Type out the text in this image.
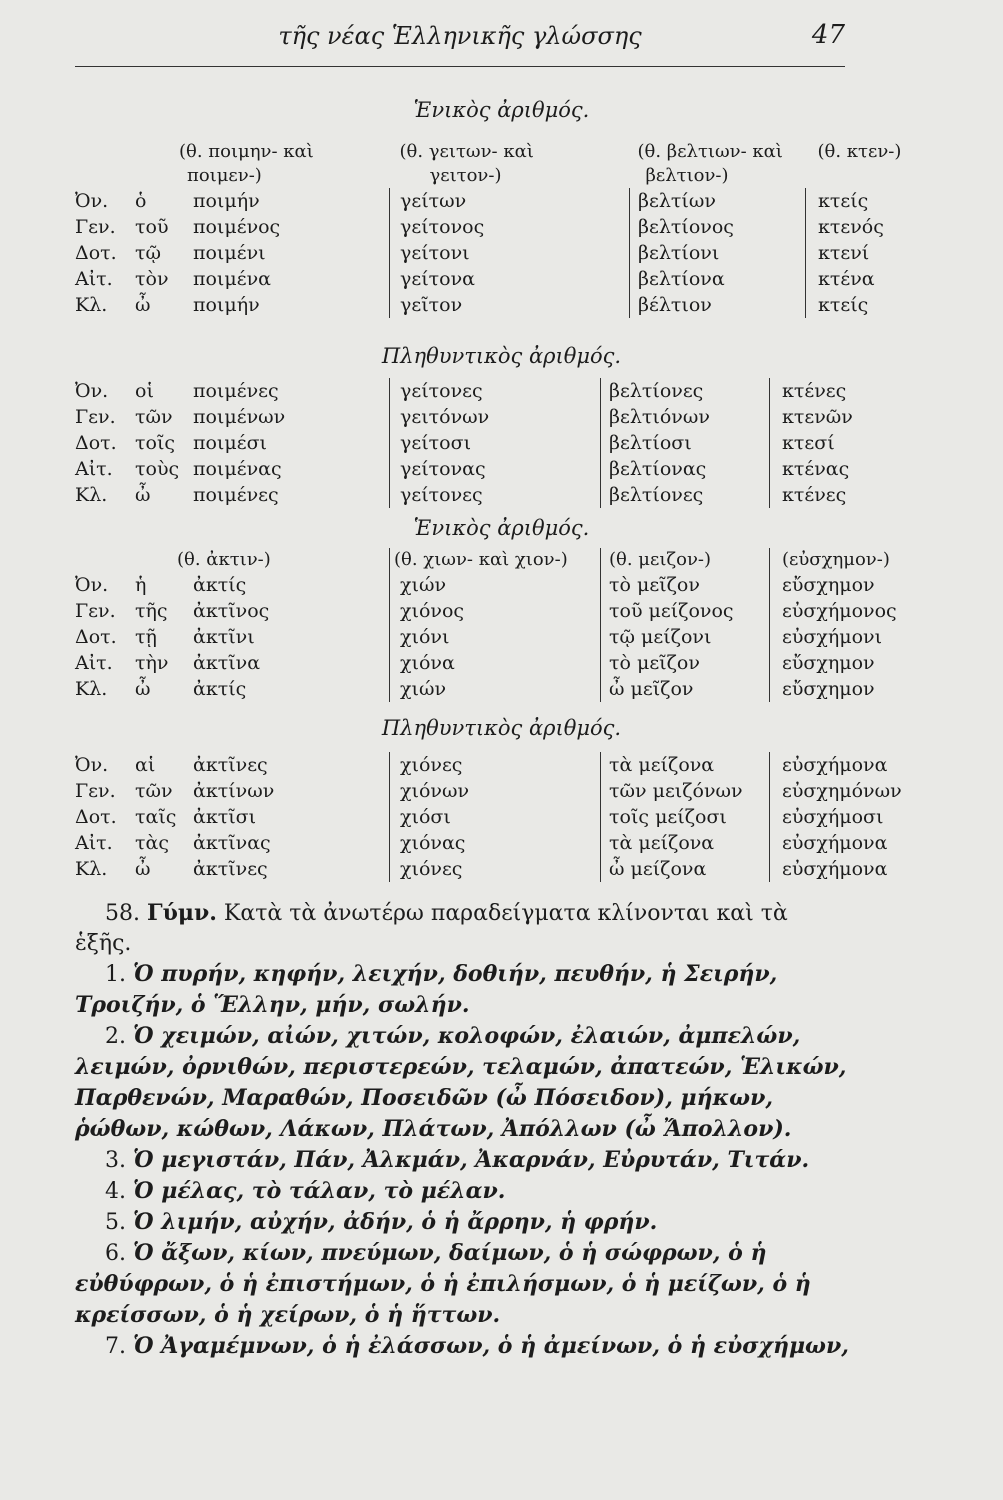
τῆς νέας Ἑλληνικῆς γλώσσης	47
Ἑνικὸς ἀριθμός.
	(θ. ποιμην- καὶ		(θ. γειτων- καὶ	(θ. βελτιων- καὶ	(θ. κτεν-)
	ποιμεν-)		γειτον-)	βελτιον-)	
Ὀν.	ὁ	ποιμήν	γείτων	βελτίων	κτείς
Γεν.	τοῦ	ποιμένος	γείτονος	βελτίονος	κτενός
Δοτ.	τῷ	ποιμένι	γείτονι	βελτίονι	κτενί
Αἰτ.	τὸν	ποιμένα	γείτονα	βελτίονα	κτένα
Κλ.	ὦ	ποιμήν	γεῖτον	βέλτιον	κτείς
Πληθυντικὸς ἀριθμός.
Ὀν.	οἱ	ποιμένες	γείτονες	βελτίονες	κτένες
Γεν.	τῶν	ποιμένων	γειτόνων	βελτιόνων	κτενῶν
Δοτ.	τοῖς	ποιμέσι	γείτοσι	βελτίοσι	κτεσί
Αἰτ.	τοὺς	ποιμένας	γείτονας	βελτίονας	κτένας
Κλ.	ὦ	ποιμένες	γείτονες	βελτίονες	κτένες
Ἑνικὸς ἀριθμός.
	(θ. ἀκτιν-)		(θ. χιων- καὶ χιον-)	(θ. μειζον-)	(εὐσχημον-)
Ὀν.	ἡ	ἀκτίς	χιών	τὸ μεῖζον	εὔσχημον
Γεν.	τῆς	ἀκτῖνος	χιόνος	τοῦ μείζονος	εὐσχήμονος
Δοτ.	τῇ	ἀκτῖνι	χιόνι	τῷ μείζονι	εὐσχήμονι
Αἰτ.	τὴν	ἀκτῖνα	χιόνα	τὸ μεῖζον	εὔσχημον
Κλ.	ὦ	ἀκτίς	χιών	ὦ μεῖζον	εὔσχημον
Πληθυντικὸς ἀριθμός.
Ὀν.	αἱ	ἀκτῖνες	χιόνες	τὰ μείζονα	εὐσχήμονα
Γεν.	τῶν	ἀκτίνων	χιόνων	τῶν μειζόνων	εὐσχημόνων
Δοτ.	ταῖς	ἀκτῖσι	χιόσι	τοῖς μείζοσι	εὐσχήμοσι
Αἰτ.	τὰς	ἀκτῖνας	χιόνας	τὰ μείζονα	εὐσχήμονα
Κλ.	ὦ	ἀκτῖνες	χιόνες	ὦ μείζονα	εὐσχήμονα

58. Γύμν. Κατὰ τὰ ἀνωτέρω παραδείγματα κλίνονται καὶ τὰ ἑξῆς.

1. Ὁ πυρήν, κηφήν, λειχήν, δοθιήν, πευθήν, ἡ Σειρήν, Τροιζήν, ὁ Ἕλλην, μήν, σωλήν.

2. Ὁ χειμών, αἰών, χιτών, κολοφών, ἐλαιών, ἀμπελών, λειμών, ὀρνιθών, περιστερεών, τελαμών, ἀπατεών, Ἑλικών, Παρθενών, Μαραθών, Ποσειδῶν (ὦ Πόσειδον), μήκων, ῥώθων, κώθων, Λάκων, Πλάτων, Ἀπόλλων (ὦ Ἄπολλον).

3. Ὁ μεγιστάν, Πάν, Ἀλκμάν, Ἀκαρνάν, Εὐρυτάν, Τιτάν.

4. Ὁ μέλας, τὸ τάλαν, τὸ μέλαν.

5. Ὁ λιμήν, αὐχήν, ἀδήν, ὁ ἡ ἄρρην, ἡ φρήν.

6. Ὁ ἄξων, κίων, πνεύμων, δαίμων, ὁ ἡ σώφρων, ὁ ἡ εὐθύφρων, ὁ ἡ ἐπιστήμων, ὁ ἡ ἐπιλήσμων, ὁ ἡ μείζων, ὁ ἡ κρείσσων, ὁ ἡ χείρων, ὁ ἡ ἥττων.

7. Ὁ Ἀγαμέμνων, ὁ ἡ ἐλάσσων, ὁ ἡ ἀμείνων, ὁ ἡ εὐσχήμων,
